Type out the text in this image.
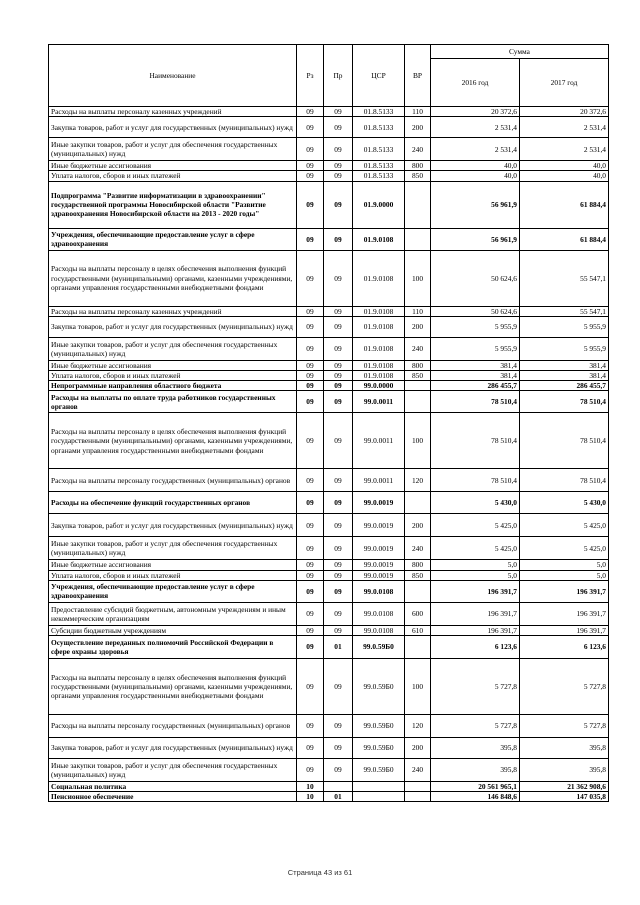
Наименование	Рз	Пр	ЦСР	ВР	Сумма	
					2016 год	2017 год
Расходы на выплаты персоналу казенных учреждений	09	09	01.8.5133	110	20 372,6	20 372,6
Закупка товаров, работ и услуг для государственных (муниципальных) нужд	09	09	01.8.5133	200	2 531,4	2 531,4
Иные закупки товаров, работ и услуг для обеспечения государственных (муниципальных) нужд	09	09	01.8.5133	240	2 531,4	2 531,4
Иные бюджетные ассигнования	09	09	01.8.5133	800	40,0	40,0
Уплата налогов, сборов и иных платежей	09	09	01.8.5133	850	40,0	40,0
Подпрограмма "Развитие информатизации в здравоохранении" государственной программы Новосибирской области "Развитие здравоохранения Новосибирской области на 2013 - 2020 годы"	09	09	01.9.0000		56 961,9	61 884,4
Учреждения, обеспечивающие предоставление услуг в сфере здравоохранения	09	09	01.9.0108		56 961,9	61 884,4
Расходы на выплаты персоналу в целях обеспечения выполнения функций государственными (муниципальными) органами, казенными учреждениями, органами управления государственными внебюджетными фондами	09	09	01.9.0108	100	50 624,6	55 547,1
Расходы на выплаты персоналу казенных учреждений	09	09	01.9.0108	110	50 624,6	55 547,1
Закупка товаров, работ и услуг для государственных (муниципальных) нужд	09	09	01.9.0108	200	5 955,9	5 955,9
Иные закупки товаров, работ и услуг для обеспечения государственных (муниципальных) нужд	09	09	01.9.0108	240	5 955,9	5 955,9
Иные бюджетные ассигнования	09	09	01.9.0108	800	381,4	381,4
Уплата налогов, сборов и иных платежей	09	09	01.9.0108	850	381,4	381,4
Непрограммные направления областного бюджета	09	09	99.0.0000		286 455,7	286 455,7
Расходы на выплаты по оплате труда работников государственных органов	09	09	99.0.0011		78 510,4	78 510,4
Расходы на выплаты персоналу в целях обеспечения выполнения функций государственными (муниципальными) органами, казенными учреждениями, органами управления государственными внебюджетными фондами	09	09	99.0.0011	100	78 510,4	78 510,4
Расходы на выплаты персоналу государственных (муниципальных) органов	09	09	99.0.0011	120	78 510,4	78 510,4
Расходы на обеспечение функций государственных органов	09	09	99.0.0019		5 430,0	5 430,0
Закупка товаров, работ и услуг для государственных (муниципальных) нужд	09	09	99.0.0019	200	5 425,0	5 425,0
Иные закупки товаров, работ и услуг для обеспечения государственных (муниципальных) нужд	09	09	99.0.0019	240	5 425,0	5 425,0
Иные бюджетные ассигнования	09	09	99.0.0019	800	5,0	5,0
Уплата налогов, сборов и иных платежей	09	09	99.0.0019	850	5,0	5,0
Учреждения, обеспечивающие предоставление услуг в сфере здравоохранения	09	09	99.0.0108		196 391,7	196 391,7
Предоставление субсидий бюджетным, автономным учреждениям и иным некоммерческим организациям	09	09	99.0.0108	600	196 391,7	196 391,7
Субсидии бюджетным учреждениям	09	09	99.0.0108	610	196 391,7	196 391,7
Осуществление переданных полномочий Российской Федерации в сфере охраны здоровья	09	01	99.0.59Б0		6 123,6	6 123,6
Расходы на выплаты персоналу в целях обеспечения выполнения функций государственными (муниципальными) органами, казенными учреждениями, органами управления государственными внебюджетными фондами	09	09	99.0.59Б0	100	5 727,8	5 727,8
Расходы на выплаты персоналу государственных (муниципальных) органов	09	09	99.0.59Б0	120	5 727,8	5 727,8
Закупка товаров, работ и услуг для государственных (муниципальных) нужд	09	09	99.0.59Б0	200	395,8	395,8
Иные закупки товаров, работ и услуг для обеспечения государственных (муниципальных) нужд	09	09	99.0.59Б0	240	395,8	395,8
Социальная политика	10				20 561 965,1	21 362 908,6
Пенсионное обеспечение	10	01			146 848,6	147 035,8
Страница 43 из 61
